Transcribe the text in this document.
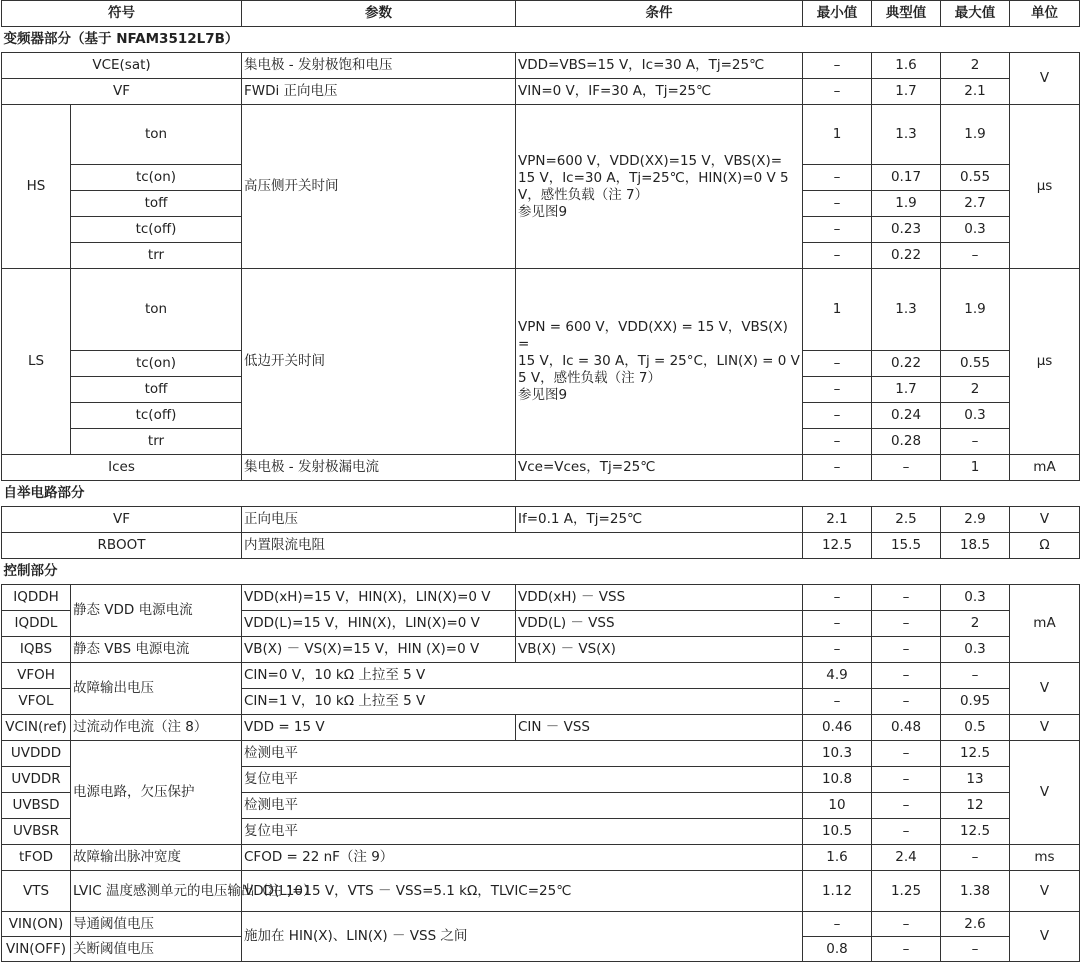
符号		参数	条件	最小值	典型值	最大值	单位
变频器部分（基于 NFAM3512L7B）							
VCE(sat)		集电极 - 发射极饱和电压	VDD=VBS=15 V，Ic=30 A，Tj=25℃	–	1.6	2	V
VF		FWDi 正向电压	VIN=0 V，IF=30 A，Tj=25℃	–	1.7	2.1	
HS	ton	高压侧开关时间	VPN=600 V，VDD(XX)=15 V，VBS(X)=
15 V，Ic=30 A，Tj=25℃，HIN(X)=0 V 5
V，感性负载（注 7）
参见图9	1	1.3	1.9	μs
	tc(on)			–	0.17	0.55	
	toff			–	1.9	2.7	
	tc(off)			–	0.23	0.3	
	trr			–	0.22	–	
LS	ton	低边开关时间	VPN = 600 V，VDD(XX) = 15 V，VBS(X) =
15 V，Ic = 30 A，Tj = 25°C，LIN(X) = 0 V
5 V，感性负载（注 7）
参见图9	1	1.3	1.9	μs
	tc(on)			–	0.22	0.55	
	toff			–	1.7	2	
	tc(off)			–	0.24	0.3	
	trr			–	0.28	–	
Ices		集电极 - 发射极漏电流	Vce=Vces，Tj=25℃	–	–	1	mA
自举电路部分							
VF		正向电压	If=0.1 A，Tj=25℃	2.1	2.5	2.9	V
RBOOT		内置限流电阻		12.5	15.5	18.5	Ω
控制部分							
IQDDH	静态 VDD 电源电流	VDD(xH)=15 V，HIN(X)，LIN(X)=0 V	VDD(xH) － VSS	–	–	0.3	mA
IQDDL		VDD(L)=15 V，HIN(X)，LIN(X)=0 V	VDD(L) － VSS	–	–	2	
IQBS	静态 VBS 电源电流	VB(X) － VS(X)=15 V，HIN (X)=0 V	VB(X) － VS(X)	–	–	0.3	
VFOH	故障输出电压	CIN=0 V，10 kΩ 上拉至 5 V		4.9	–	–	V
VFOL		CIN=1 V，10 kΩ 上拉至 5 V		–	–	0.95	
VCIN(ref)	过流动作电流（注 8）	VDD = 15 V	CIN － VSS	0.46	0.48	0.5	V
UVDDD	电源电路，欠压保护	检测电平		10.3	–	12.5	V
UVDDR		复位电平		10.8	–	13	
UVBSD		检测电平		10	–	12	
UVBSR		复位电平		10.5	–	12.5	
tFOD	故障输出脉冲宽度	CFOD = 22 nF（注 9）		1.6	2.4	–	ms
VTS	LVIC 温度感测单元的电压输出（注 10）	VDD(L)=15 V，VTS － VSS=5.1 kΩ，TLVIC=25℃		1.12	1.25	1.38	V
VIN(ON)	导通阈值电压	施加在 HIN(X)、LIN(X) － VSS 之间		–	–	2.6	V
VIN(OFF)	关断阈值电压			0.8	–	–	
